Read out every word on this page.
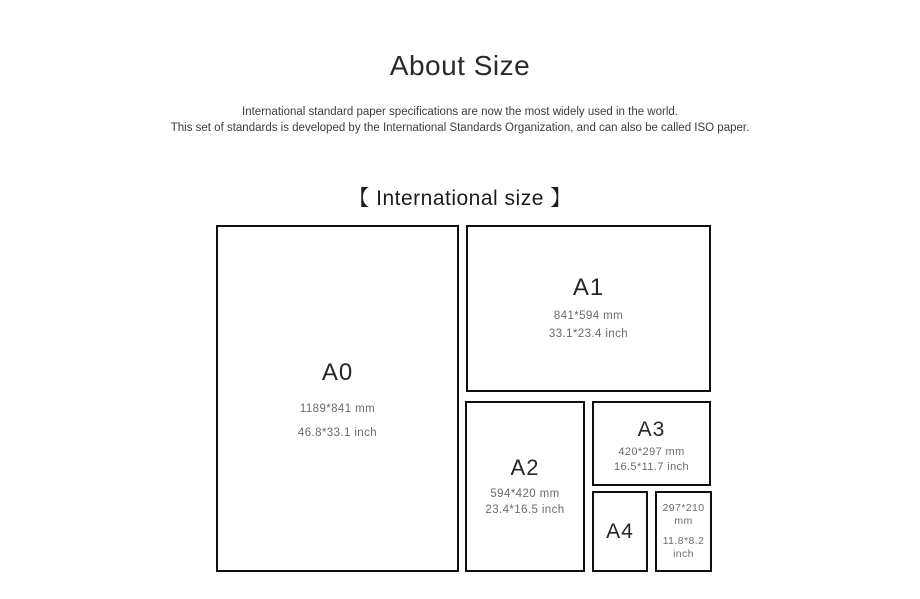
About Size

International standard paper specifications are now the most widely used in the world.
This set of standards is developed by the International Standards Organization, and can also be called ISO paper.

【 International size 】
A0
1189*841 mm
46.8*33.1 inch
A1
841*594 mm
33.1*23.4 inch
A2
594*420 mm
23.4*16.5 inch
A3
420*297 mm
16.5*11.7 inch
A4
297*210 mm
11.8*8.2 inch
